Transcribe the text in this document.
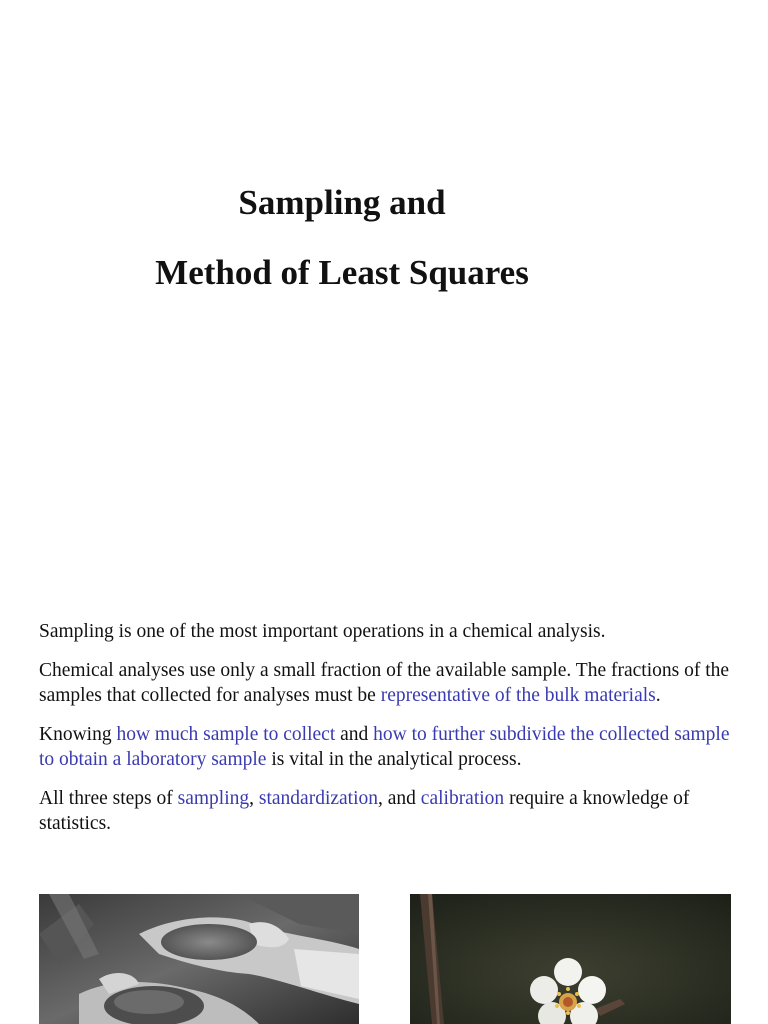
Sampling and
Method of Least Squares

Sampling is one of the most important operations in a chemical analysis.

Chemical analyses use only a small fraction of the available sample. The fractions of the samples that collected for analyses must be representative of the bulk materials.

Knowing how much sample to collect and how to further subdivide the collected sample to obtain a laboratory sample is vital in the analytical process.

All three steps of sampling, standardization, and calibration require a knowledge of statistics.
